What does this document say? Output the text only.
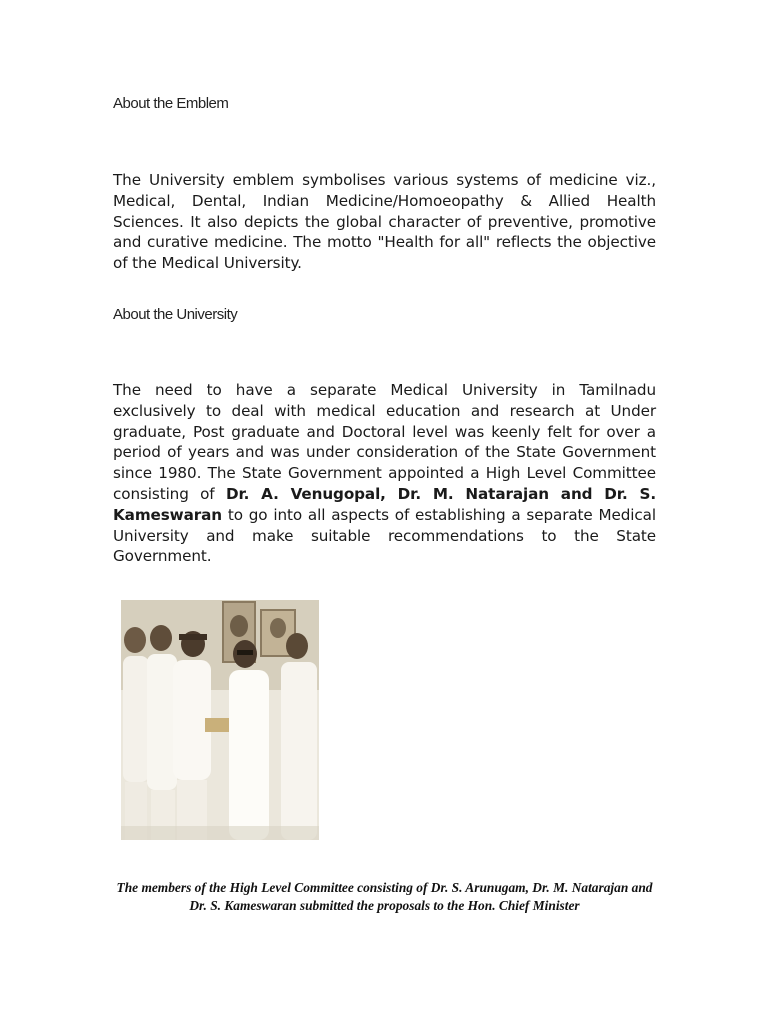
About the Emblem
The University emblem symbolises various systems of medicine viz., Medical, Dental, Indian Medicine/Homoeopathy & Allied Health Sciences. It also depicts the global character of preventive, promotive and curative medicine. The motto "Health for all" reflects the objective of the Medical University.
About the University
The need to have a separate Medical University in Tamilnadu exclusively to deal with medical education and research at Under graduate, Post graduate and Doctoral level was keenly felt for over a period of years and was under consideration of the State Government since 1980. The State Government appointed a High Level Committee consisting of Dr. A. Venugopal, Dr. M. Natarajan and Dr. S. Kameswaran to go into all aspects of establishing a separate Medical University and make suitable recommendations to the State Government.
The members of the High Level Committee consisting of Dr. S. Arunugam, Dr. M. Natarajan and Dr. S. Kameswaran submitted the proposals to the Hon. Chief Minister
